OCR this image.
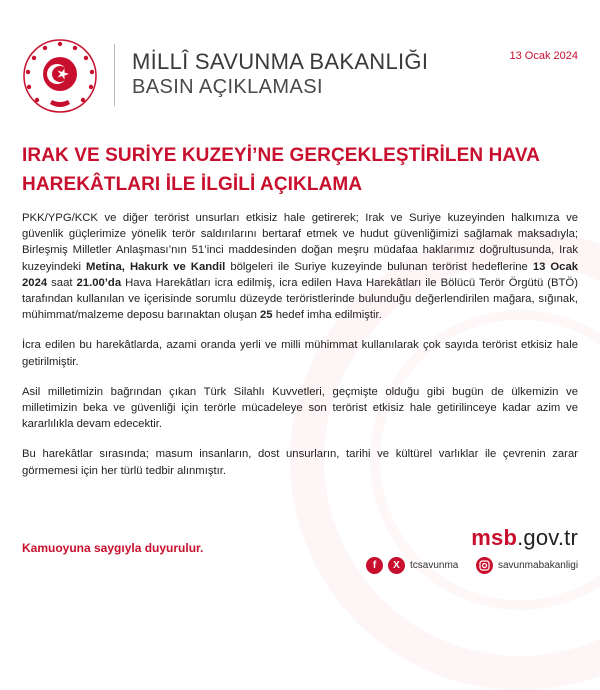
MİLLÎ SAVUNMA BAKANLIĞI
BASIN AÇIKLAMASI
13 Ocak 2024
IRAK VE SURİYE KUZEYİ’NE GERÇEKLEŞTİRİLEN HAVA
HAREKÂTLARI İLE İLGİLİ AÇIKLAMA

PKK/YPG/KCK ve diğer terörist unsurları etkisiz hale getirerek; Irak ve Suriye kuzeyinden halkımıza ve güvenlik güçlerimize yönelik terör saldırılarını bertaraf etmek ve hudut güvenliğimizi sağlamak maksadıyla; Birleşmiş Milletler Anlaşması’nın 51’inci maddesinden doğan meşru müdafaa haklarımız doğrultusunda, Irak kuzeyindeki Metina, Hakurk ve Kandil bölgeleri ile Suriye kuzeyinde bulunan terörist hedeflerine 13 Ocak 2024 saat 21.00’da Hava Harekâtları icra edilmiş, icra edilen Hava Harekâtları ile Bölücü Terör Örgütü (BTÖ) tarafından kullanılan ve içerisinde sorumlu düzeyde teröristlerinde bulunduğu değerlendirilen mağara, sığınak, mühimmat/malzeme deposu barınaktan oluşan 25 hedef imha edilmiştir.

İcra edilen bu harekâtlarda, azami oranda yerli ve milli mühimmat kullanılarak çok sayıda terörist etkisiz hale getirilmiştir.

Asil milletimizin bağrından çıkan Türk Silahlı Kuvvetleri, geçmişte olduğu gibi bugün de ülkemizin ve milletimizin beka ve güvenliği için terörle mücadeleye son terörist etkisiz hale getirilinceye kadar azim ve kararlılıkla devam edecektir.

Bu harekâtlar sırasında; masum insanların, dost unsurların, tarihi ve kültürel varlıklar ile çevrenin zarar görmemesi için her türlü tedbir alınmıştır.

Kamuoyuna saygıyla duyurulur.	msb.gov.tr
f	X	tcsavunma	savunmabakanligi
